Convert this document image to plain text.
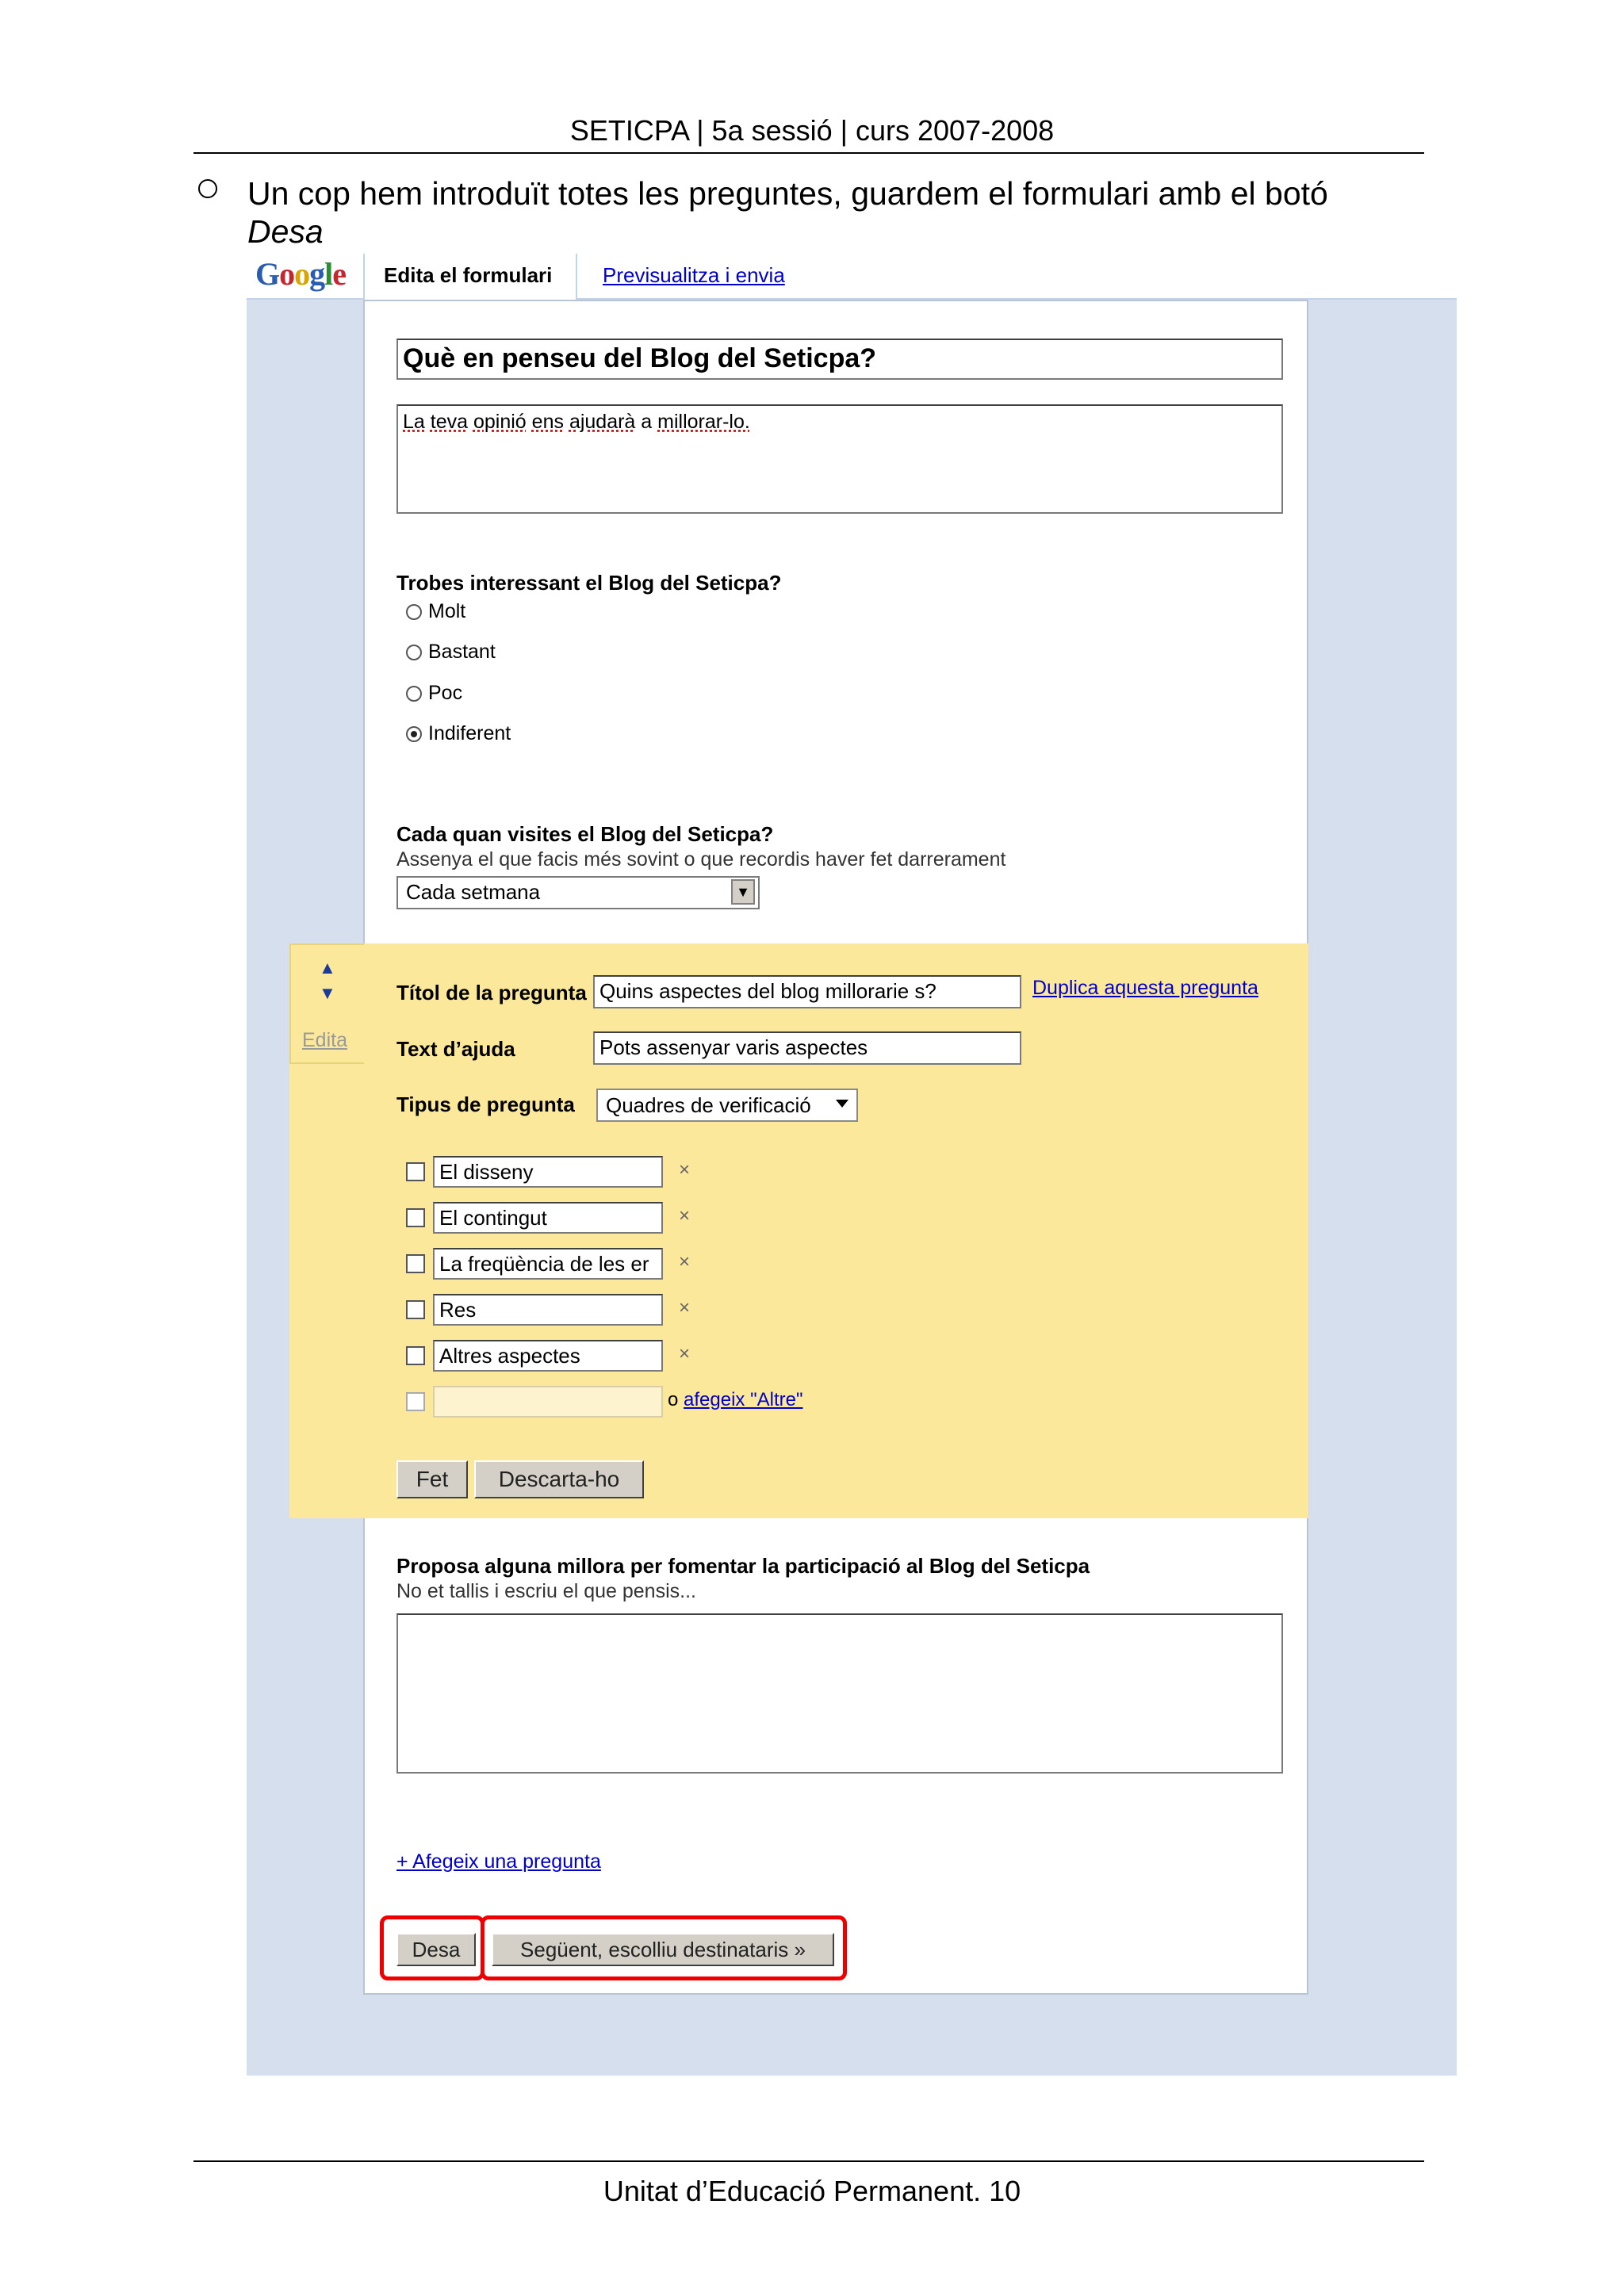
SETICPA | 5a sessió | curs 2007-2008
Un cop hem introduït totes les preguntes, guardem el formulari amb el botó
Desa
Google	Edita el formulari	Previsualitza i envia
Què en penseu del Blog del Seticpa?
La teva opinió ens ajudarà a millorar-lo.
Trobes interessant el Blog del Seticpa?
Molt
Bastant
Poc
Indiferent
Cada quan visites el Blog del Seticpa?
Assenya el que facis més sovint o que recordis haver fet darrerament
Cada setmana	▼
▲
▼
Edita
Títol de la pregunta Quins aspectes del blog millorarie s?	Duplica aquesta pregunta
Text d’ajuda	Pots assenyar varis aspectes
Tipus de pregunta	Quadres de verificació
El disseny	×
El contingut	×
La freqüència de les er	×
Res	×
Altres aspectes	×
o afegeix "Altre"
Fet	Descarta-ho
Proposa alguna millora per fomentar la participació al Blog del Seticpa
No et tallis i escriu el que pensis...
+ Afegeix una pregunta
Desa	Següent, escolliu destinataris »
Unitat d’Educació Permanent. 10
